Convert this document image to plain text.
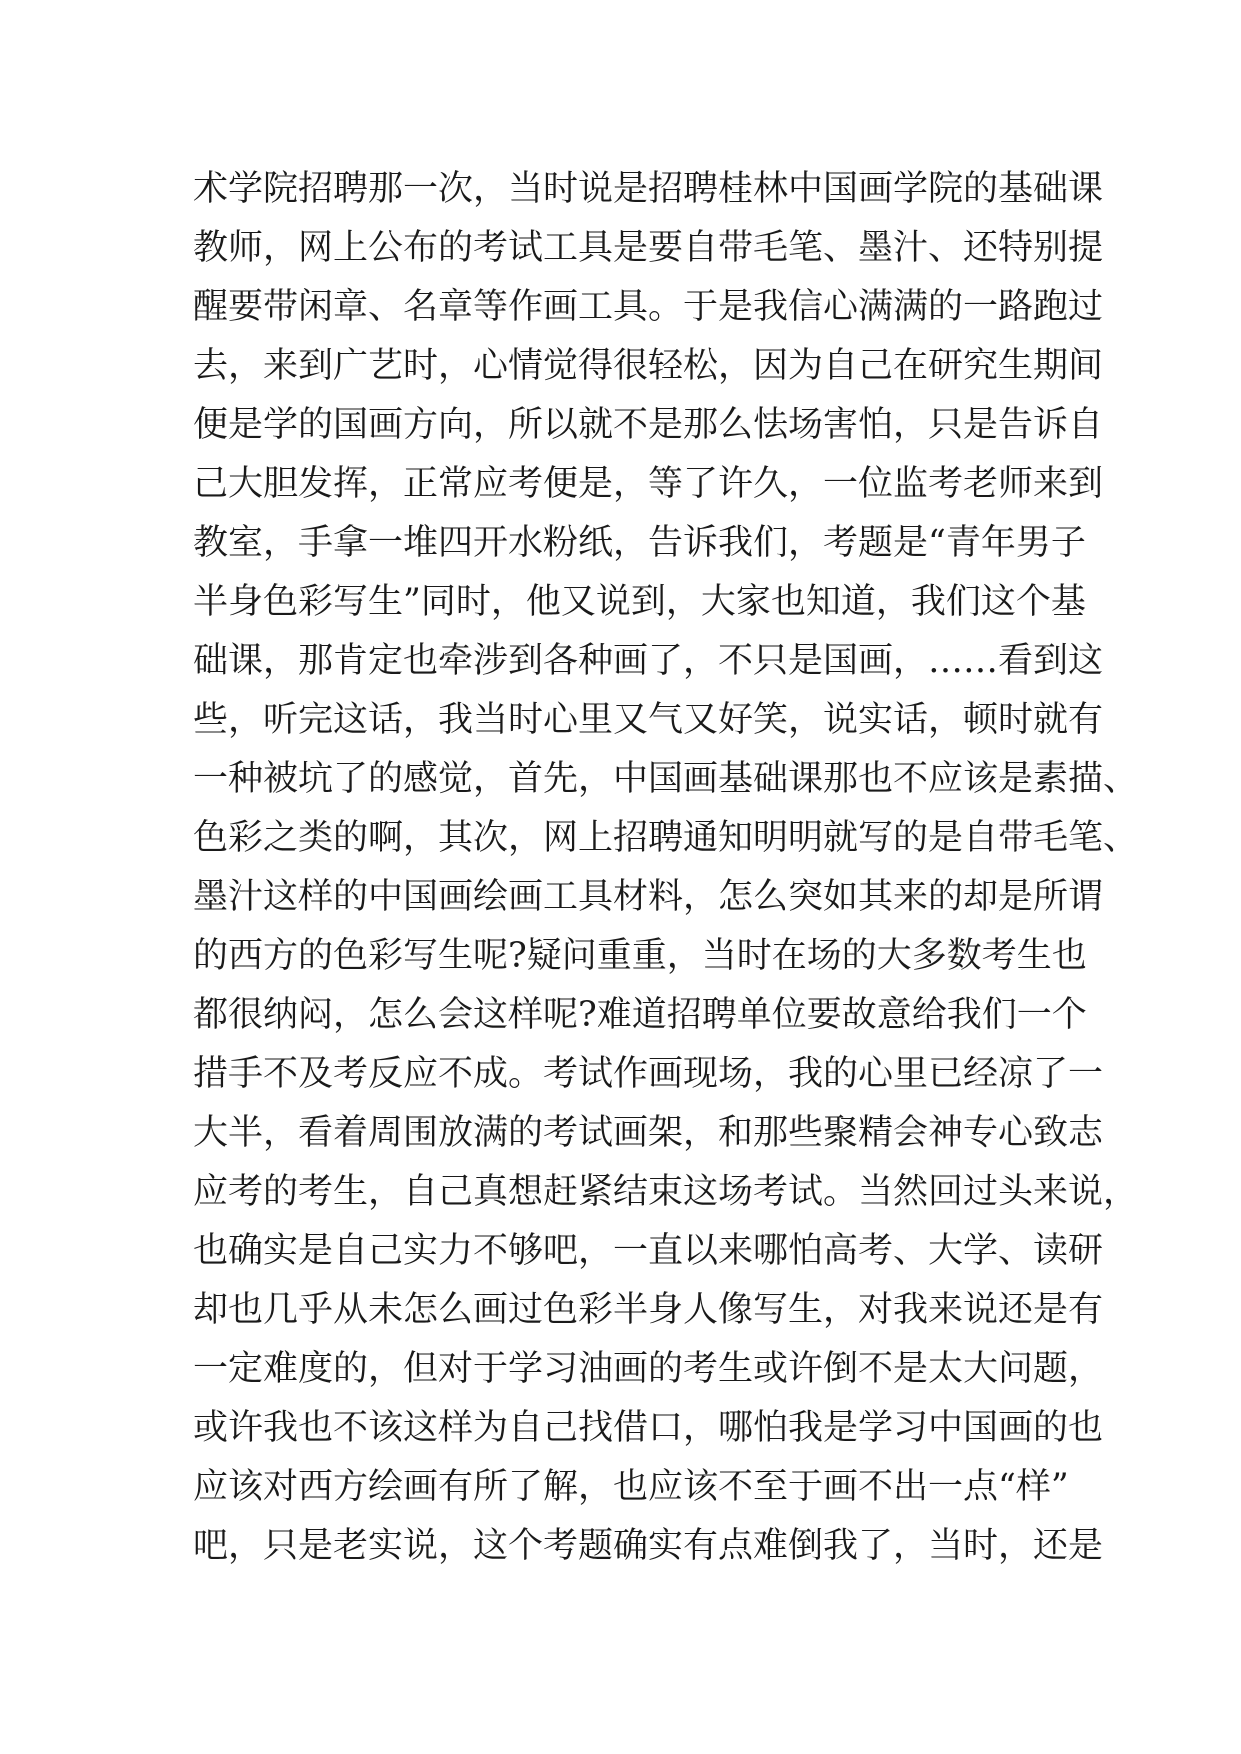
术学院招聘那一次，当时说是招聘桂林中国画学院的基础课
教师，网上公布的考试工具是要自带毛笔、墨汁、还特别提
醒要带闲章、名章等作画工具。于是我信心满满的一路跑过
去，来到广艺时，心情觉得很轻松，因为自己在研究生期间
便是学的国画方向，所以就不是那么怯场害怕，只是告诉自
己大胆发挥，正常应考便是，等了许久，一位监考老师来到
教室，手拿一堆四开水粉纸，告诉我们，考题是“青年男子
半身色彩写生”同时，他又说到，大家也知道，我们这个基
础课，那肯定也牵涉到各种画了，不只是国画，……看到这
些，听完这话，我当时心里又气又好笑，说实话，顿时就有
一种被坑了的感觉，首先，中国画基础课那也不应该是素描、
色彩之类的啊，其次，网上招聘通知明明就写的是自带毛笔、
墨汁这样的中国画绘画工具材料，怎么突如其来的却是所谓
的西方的色彩写生呢?疑问重重，当时在场的大多数考生也
都很纳闷，怎么会这样呢?难道招聘单位要故意给我们一个
措手不及考反应不成。考试作画现场，我的心里已经凉了一
大半，看着周围放满的考试画架，和那些聚精会神专心致志
应考的考生，自己真想赶紧结束这场考试。当然回过头来说，
也确实是自己实力不够吧，一直以来哪怕高考、大学、读研
却也几乎从未怎么画过色彩半身人像写生，对我来说还是有
一定难度的，但对于学习油画的考生或许倒不是太大问题，
或许我也不该这样为自己找借口，哪怕我是学习中国画的也
应该对西方绘画有所了解，也应该不至于画不出一点“样”
吧，只是老实说，这个考题确实有点难倒我了，当时，还是
